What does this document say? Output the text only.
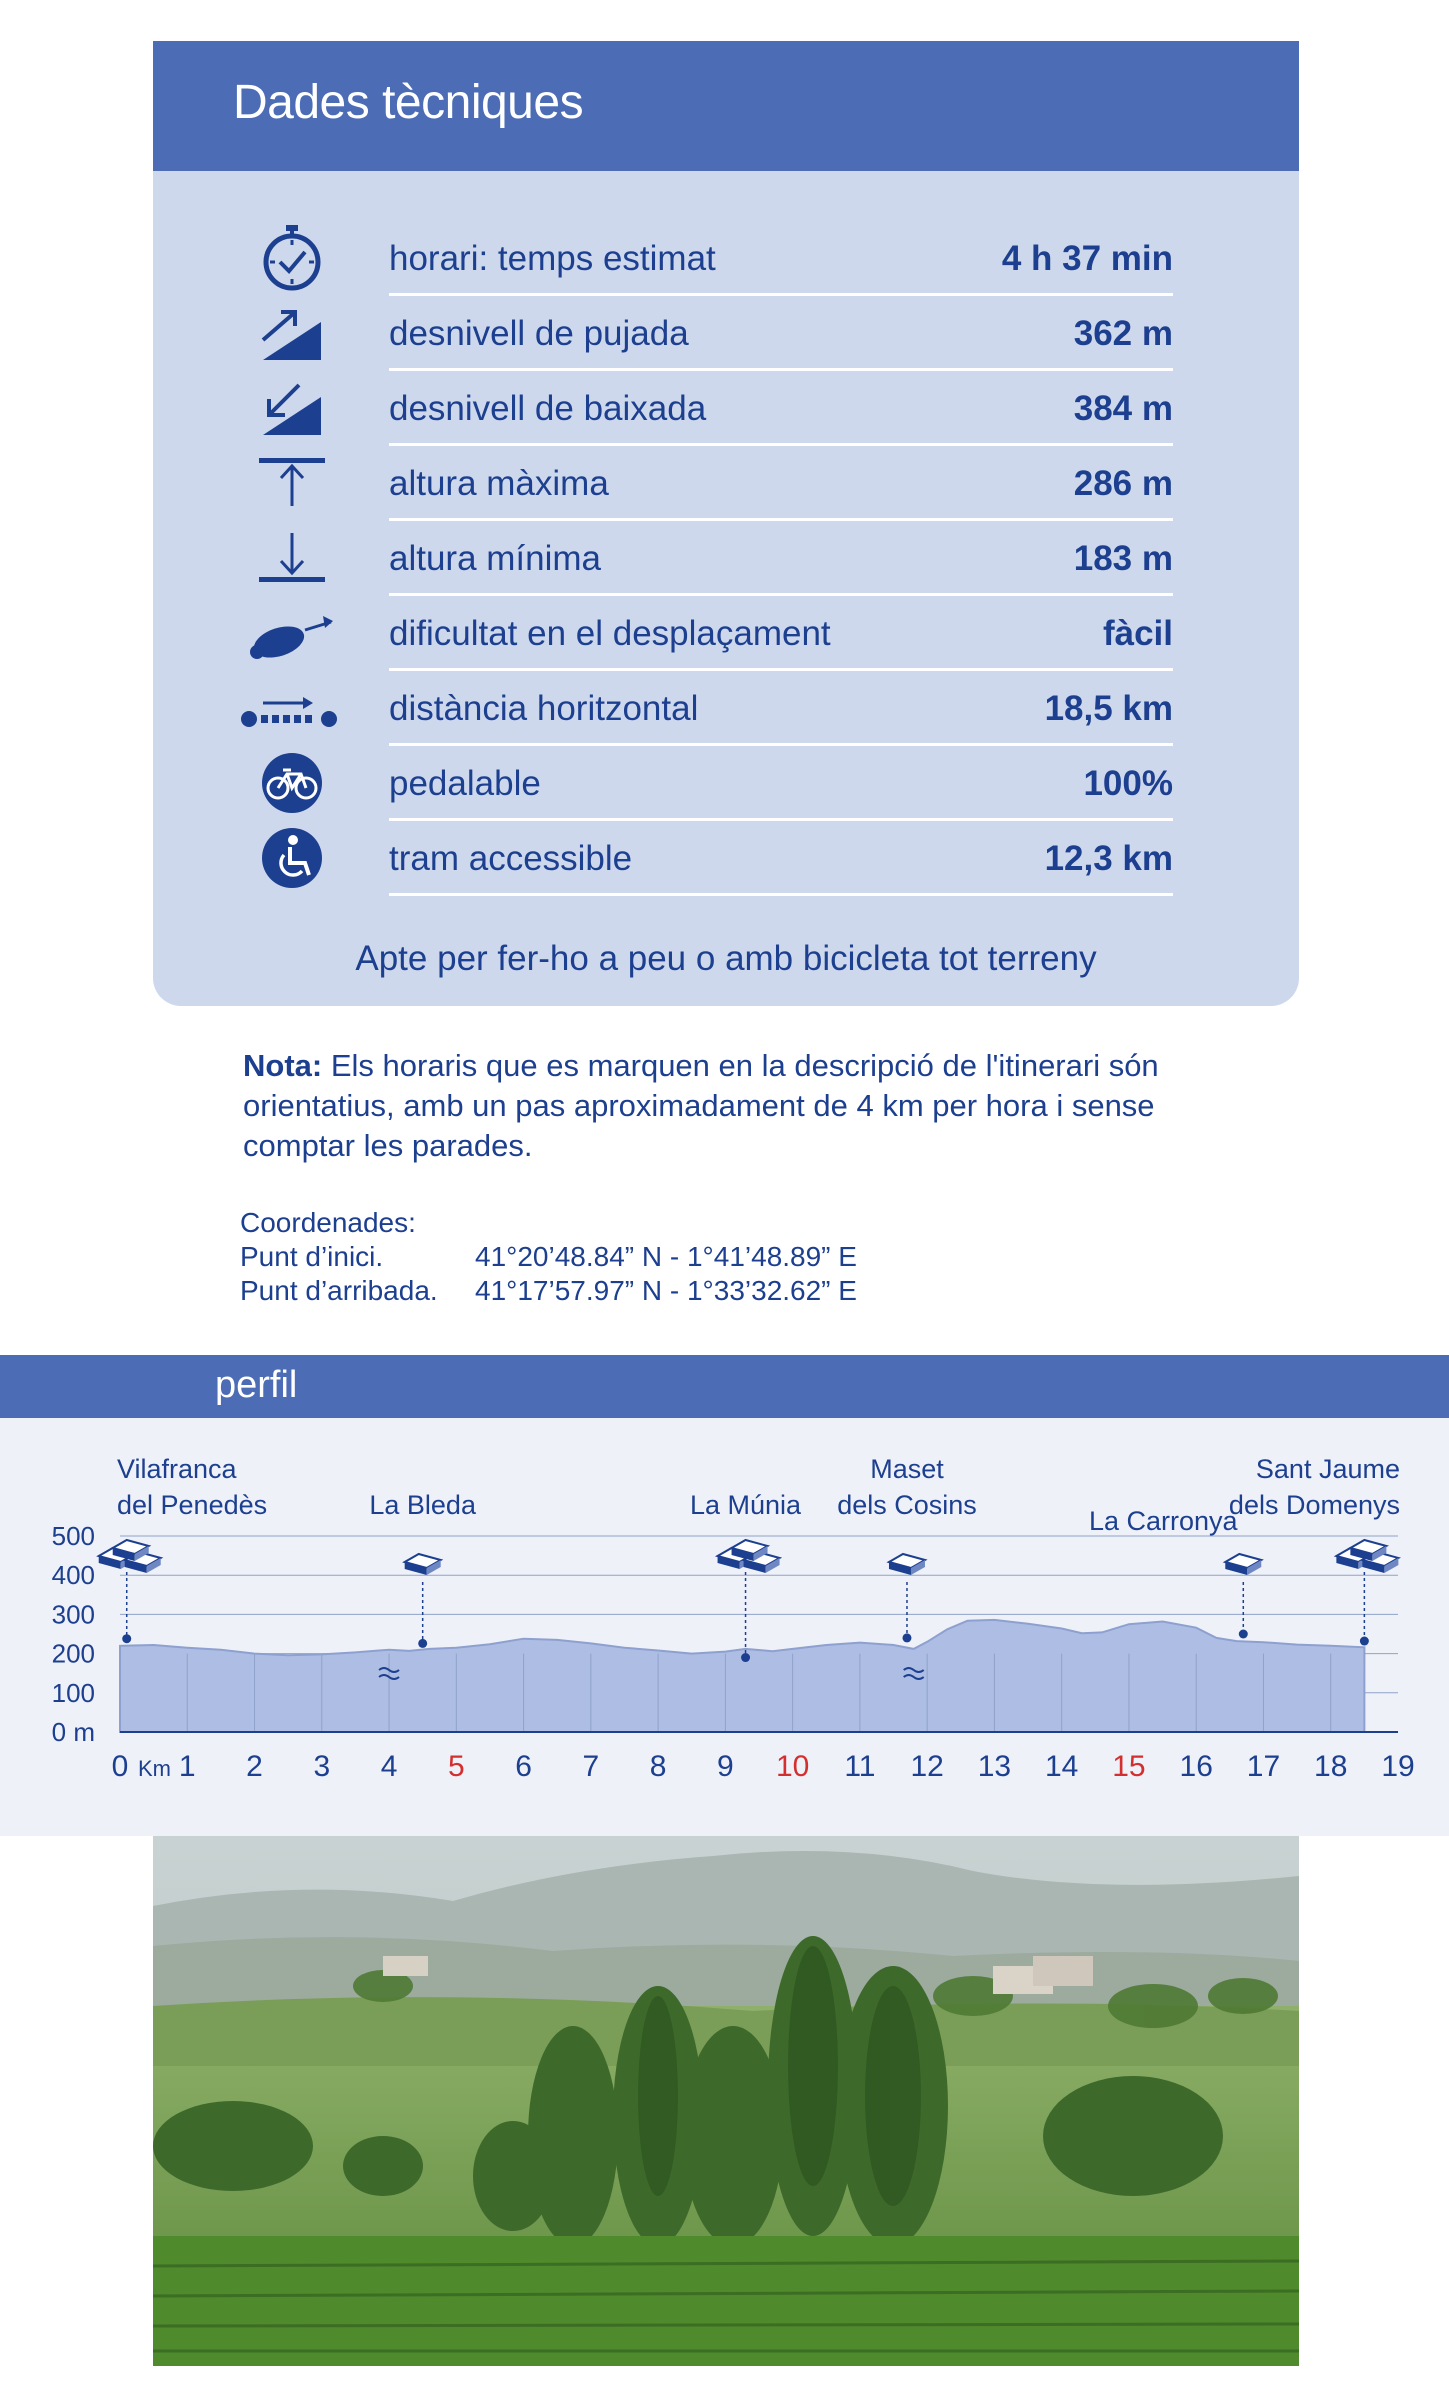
Dades tècniques
horari: temps estimat	4 h 37 min
desnivell de pujada	362 m
desnivell de baixada	384 m
altura màxima	286 m
altura mínima	183 m
dificultat en el desplaçament	fàcil
distància horitzontal	18,5 km
pedalable	100%
tram accessible	12,3 km
Apte per fer-ho a peu o amb bicicleta tot terreny
Nota: Els horaris que es marquen en la descripció de l'itinerari són orientatius, amb un pas aproximadament de 4 km per hora i sense comptar les parades.
Coordenades:
Punt d’inici.	41°20’48.84” N - 1°41’48.89” E
Punt d’arribada. 41°17’57.97” N - 1°33’32.62” E
perfil
500
400
300
200
100
0 m
0 1 2 3 4 5 6 7 8 9 10 11 12 13 14 15 16 17 18 19
Km
Vilafranca
del Penedès	La Bleda	La Múnia
Maset
dels Cosins
La Carronya
Sant Jaume
dels Domenys
